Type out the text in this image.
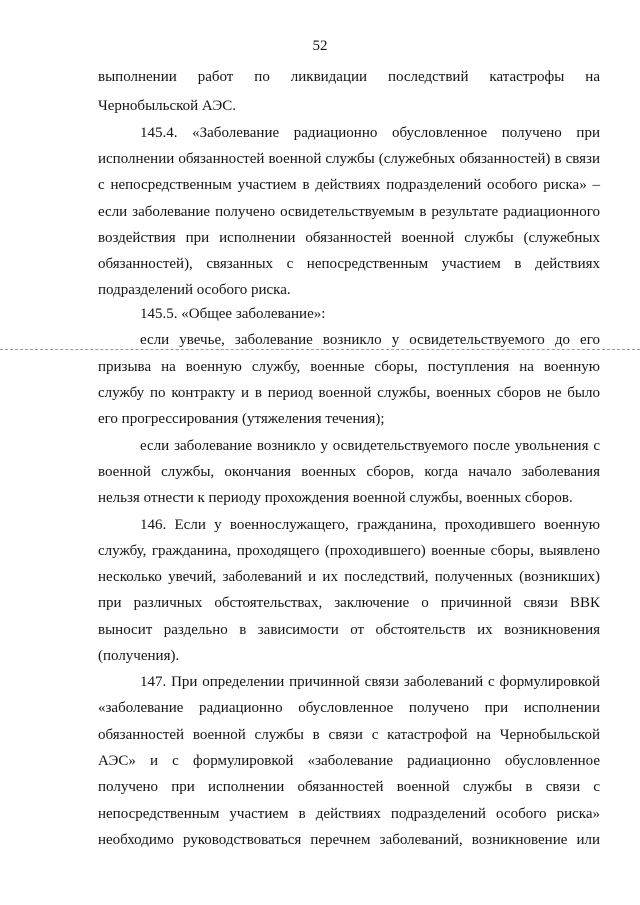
52
выполнении работ по ликвидации последствий катастрофы на
Чернобыльской АЭС.
145.4. «Заболевание радиационно обусловленное получено при
исполнении обязанностей военной службы (служебных обязанностей) в связи
с непосредственным участием в действиях подразделений особого риска» –
если заболевание получено освидетельствуемым в результате радиационного
воздействия при исполнении обязанностей военной службы (служебных
обязанностей), связанных с непосредственным участием в действиях
подразделений особого риска.
145.5. «Общее заболевание»:
если увечье, заболевание возникло у освидетельствуемого до его
призыва на военную службу, военные сборы, поступления на военную
службу по контракту и в период военной службы, военных сборов не было
его прогрессирования (утяжеления течения);
если заболевание возникло у освидетельствуемого после увольнения с
военной службы, окончания военных сборов, когда начало заболевания
нельзя отнести к периоду прохождения военной службы, военных сборов.
146. Если у военнослужащего, гражданина, проходившего военную
службу, гражданина, проходящего (проходившего) военные сборы, выявлено
несколько увечий, заболеваний и их последствий, полученных (возникших)
при различных обстоятельствах, заключение о причинной связи ВВК
выносит раздельно в зависимости от обстоятельств их возникновения
(получения).
147. При определении причинной связи заболеваний с формулировкой
«заболевание радиационно обусловленное получено при исполнении
обязанностей военной службы в связи с катастрофой на Чернобыльской
АЭС» и с формулировкой «заболевание радиационно обусловленное
получено при исполнении обязанностей военной службы в связи с
непосредственным участием в действиях подразделений особого риска»
необходимо руководствоваться перечнем заболеваний, возникновение или
